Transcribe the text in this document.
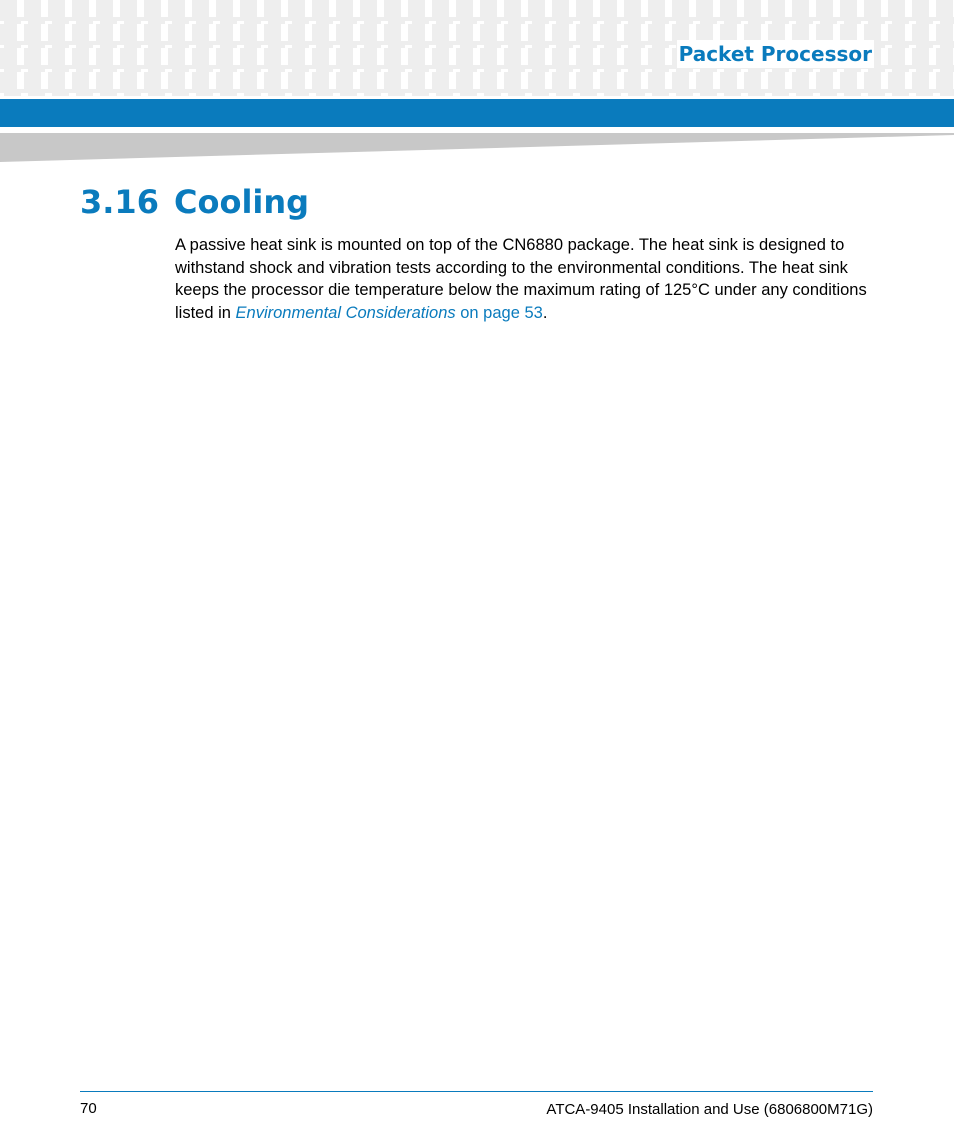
Packet Processor
3.16 Cooling

A passive heat sink is mounted on top of the CN6880 package. The heat sink is designed to withstand shock and vibration tests according to the environmental conditions. The heat sink keeps the processor die temperature below the maximum rating of 125°C under any conditions listed in Environmental Considerations on page 53.

70	ATCA-9405 Installation and Use (6806800M71G)
